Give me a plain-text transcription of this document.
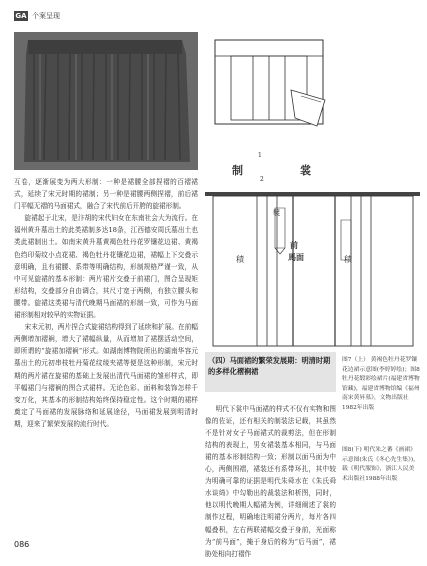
GA 个案呈现

互卷，逐渐展变为两大形制：一种是裙腰全部捏褶的百褶裙式，延续了宋元时期的裙制；另一种是裙腰两侧捏褶，前后裙门平幅无褶的马面裙式，融合了宋代前后开胯的旋裙形制。

旋裙起于北宋，是汴胡的宋代妇女在东南社会大为流行。在福州黄升墓出土的此类裙制多达18条，江西德安周氏墓出土也类此裙制出土。如南宋黄升墓黄褐色牡丹花罗镶花边裙、黄褐色绉印菊纹小点花裙、褐色牡丹花镶花边裙，裙幅上下交叠示意明确，且有裙腰、系带等明确结构，形制规格严谨一致，从中可见旋裙的基本形制：两片裙片交叠于前裙门，图合呈现矩形结构，交叠部分自由调合，其尺寸宽于两侧，有独立腰头和腰带。旋裙这类裙与清代晚期马面裙的形制一致，可作为马面裙形制相对较早的实物证据。

宋末元初，两片捏合式旋裙结构得到了延续和扩展。在前幅两侧增加褶裥，增大了裙幅纵量，从而增加了裙摆活动空间，即所谓的“旋裙加褶裥”形式。如湖南博物院所出的湖南华容元墓出土的元初串枝牡丹菊花纹绫夹裙等便是这种形制，宋元时期的两片裙在旋裙的基础上发展出清代马面裙的雏形样式，即平幅裙门与褶裥的图合式裙样。无论色彩、面料和装饰怎样千变万化，其基本的形制结构始终保持稳定性。这个时期的裙样奠定了马面裙的发展脉络和延展途径，马面裙发展到明清时期，迎来了繁荣发展的流行时代。

1
制	裳
2
前
馬面
積
襞
積
（四）马面裙的繁荣发展期：明清时期的多样化褶裥裙

明代下裳中马面裙的样式不仅有实物和图像的佐证，还有相关的制装法记载，其虽然不是针对女子马面裙式的裁剪法，但在形制结构的表现上，男女裙装基本相同，与马面裙的基本形制结构一致；形制以面马面为中心，两侧围褶，裙装还有系带环扎，其中较为明确可靠的证据是明代朱舜水在《朱氏舜水谈绮》中勾勒出的裁装法和析图，同时，他以明代晚期人幅裙为例，详细阐述了裳的制作过程，明确地注明裙分两片，每片各四幅叠积，左右两联裙幅交叠于身前，光面称为“前马面”，掩于身后的称为“后马面”，裙胁处相向打褶作

图7（上） 黄褐色牡丹花罗镶花边裙示意图(李婷婷绘)；图8 牡丹花缎彩绘裙片(福建省博物馆藏)，福建省博物馆编《福州南宋黄昇墓》，文物出版社1982年出版
图8(下) 明代朱之蕃《画裙》示意图(朱氏《冬心先生集》)，载《明代服饰》，浙江人民美术出版社1988年出版
086
